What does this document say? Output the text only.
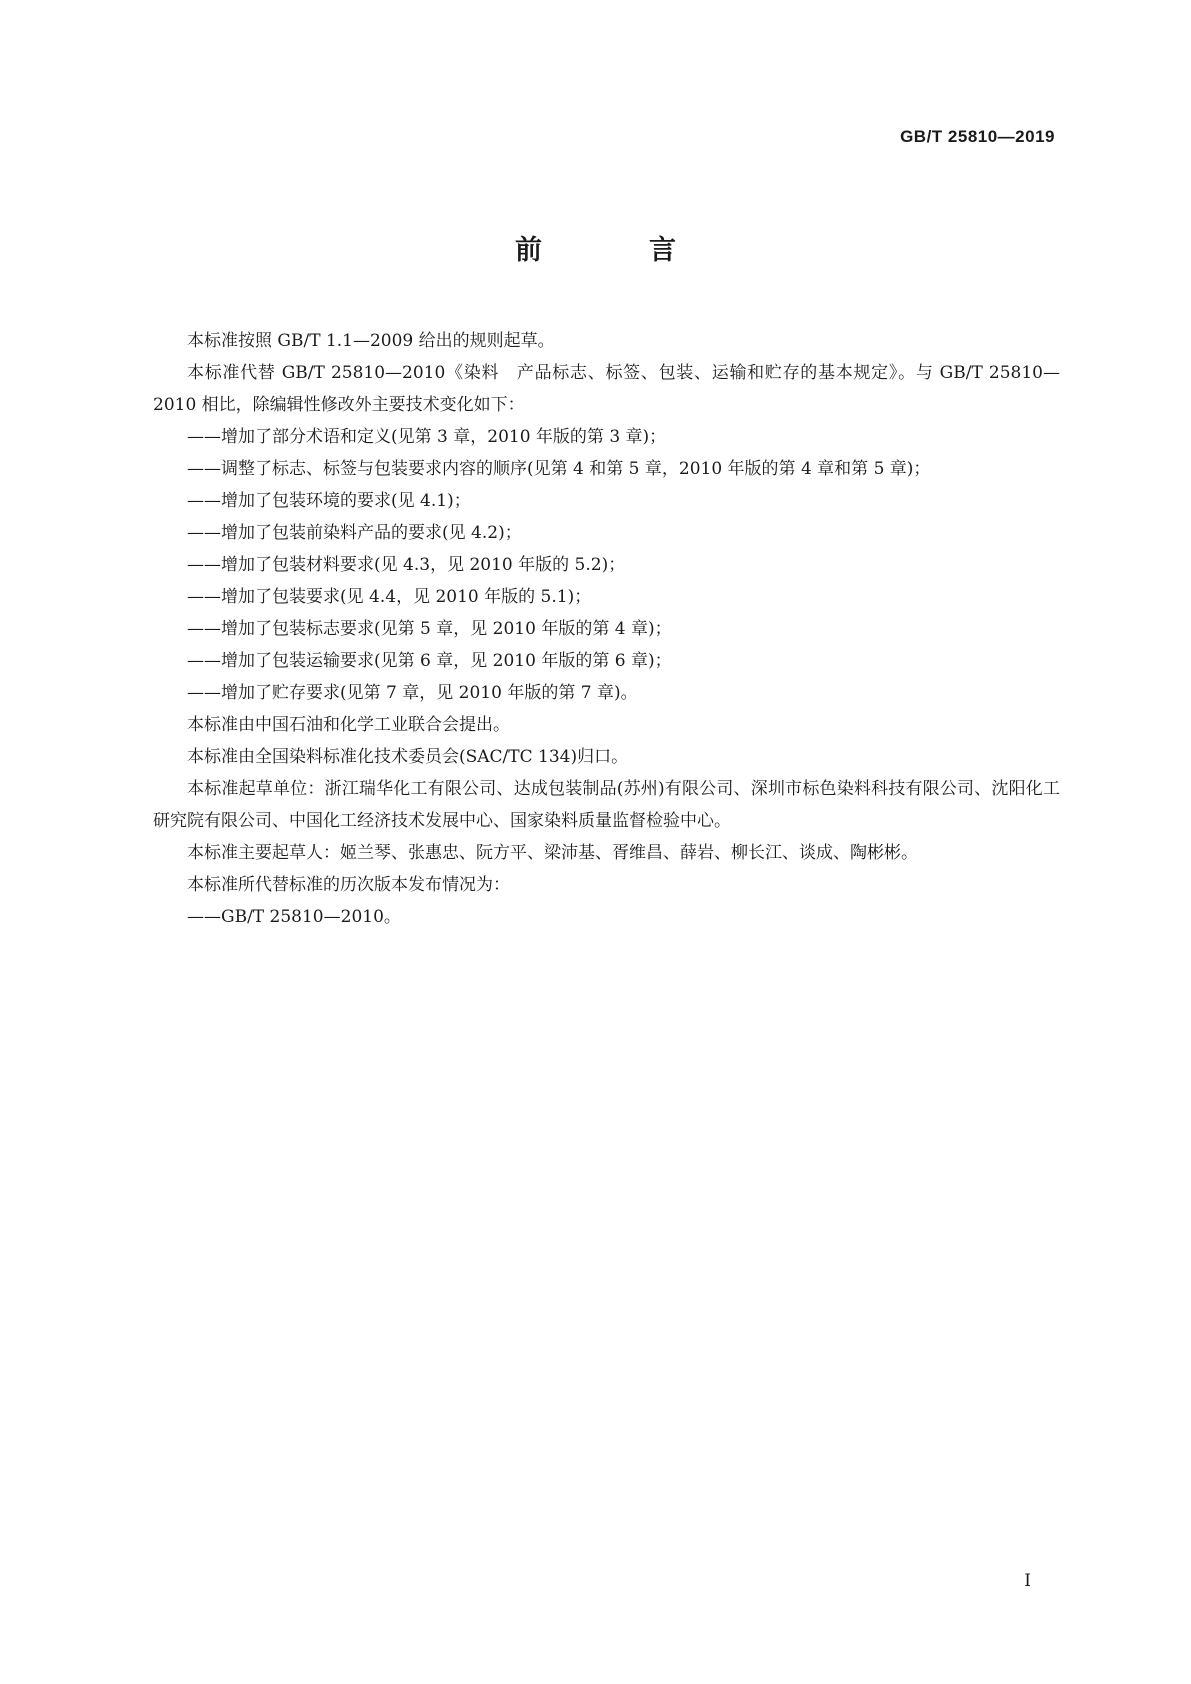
GB/T 25810—2019
前　言

本标准按照 GB/T 1.1—2009 给出的规则起草。

本标准代替 GB/T 25810—2010《染料　产品标志、标签、包装、运输和贮存的基本规定》。与 GB/T 25810—2010 相比，除编辑性修改外主要技术变化如下：

——增加了部分术语和定义(见第 3 章，2010 年版的第 3 章)；

——调整了标志、标签与包装要求内容的顺序(见第 4 和第 5 章，2010 年版的第 4 章和第 5 章)；

——增加了包装环境的要求(见 4.1)；

——增加了包装前染料产品的要求(见 4.2)；

——增加了包装材料要求(见 4.3，见 2010 年版的 5.2)；

——增加了包装要求(见 4.4，见 2010 年版的 5.1)；

——增加了包装标志要求(见第 5 章，见 2010 年版的第 4 章)；

——增加了包装运输要求(见第 6 章，见 2010 年版的第 6 章)；

——增加了贮存要求(见第 7 章，见 2010 年版的第 7 章)。

本标准由中国石油和化学工业联合会提出。

本标准由全国染料标准化技术委员会(SAC/TC 134)归口。

本标准起草单位：浙江瑞华化工有限公司、达成包装制品(苏州)有限公司、深圳市标色染料科技有限公司、沈阳化工研究院有限公司、中国化工经济技术发展中心、国家染料质量监督检验中心。

本标准主要起草人：姬兰琴、张惠忠、阮方平、梁沛基、胥维昌、薛岩、柳长江、谈成、陶彬彬。

本标准所代替标准的历次版本发布情况为：

——GB/T 25810—2010。

I
